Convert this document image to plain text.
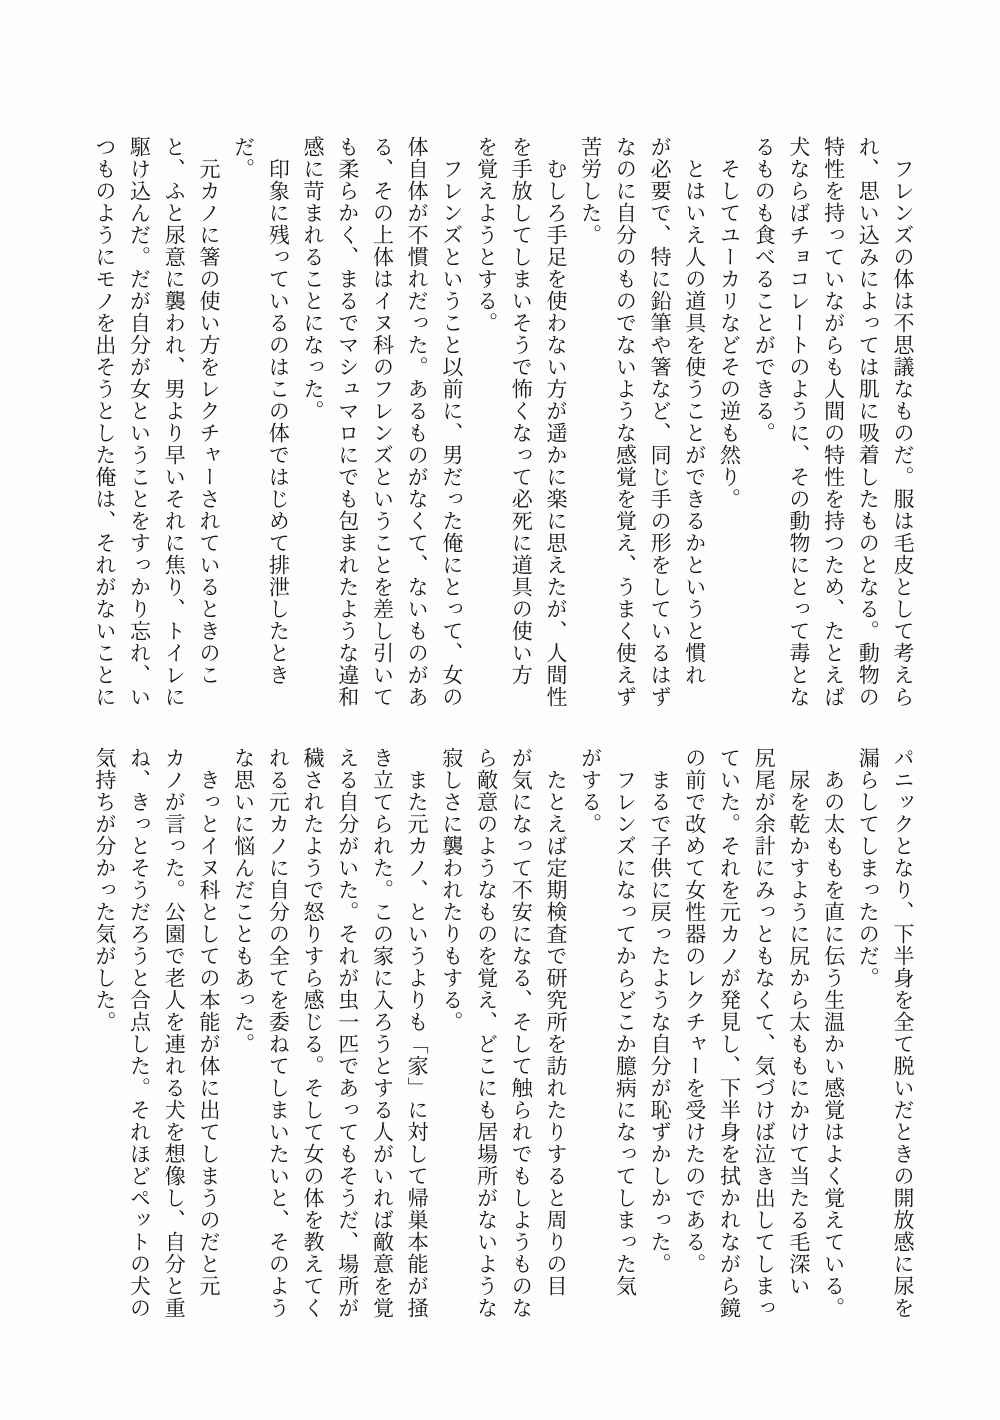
フレンズの体は不思議なものだ。服は毛皮として考えら
れ、思い込みによっては肌に吸着したものとなる。動物の
特性を持っていながらも人間の特性を持つため、たとえば
犬ならばチョコレートのように、その動物にとって毒とな
るものも食べることができる。
そしてユーカリなどその逆も然り。
とはいえ人の道具を使うことができるかというと慣れ
が必要で、特に鉛筆や箸など、同じ手の形をしているはず
なのに自分のものでないような感覚を覚え、うまく使えず
苦労した。
むしろ手足を使わない方が遥かに楽に思えたが、人間性
を手放してしまいそうで怖くなって必死に道具の使い方
を覚えようとする。
フレンズということ以前に、男だった俺にとって、女の
体自体が不慣れだった。あるものがなくて、ないものがあ
る、その上体はイヌ科のフレンズということを差し引いて
も柔らかく、まるでマシュマロにでも包まれたような違和
感に苛まれることになった。
印象に残っているのはこの体ではじめて排泄したとき
だ。
元カノに箸の使い方をレクチャーされているときのこ
と、ふと尿意に襲われ、男より早いそれに焦り、トイレに
駆け込んだ。だが自分が女ということをすっかり忘れ、い
つものようにモノを出そうとした俺は、それがないことに
パニックとなり、下半身を全て脱いだときの開放感に尿を
漏らしてしまったのだ。
あの太ももを直に伝う生温かい感覚はよく覚えている。
尿を乾かすように尻から太ももにかけて当たる毛深い
尻尾が余計にみっともなくて、気づけば泣き出してしまっ
ていた。それを元カノが発見し、下半身を拭かれながら鏡
の前で改めて女性器のレクチャーを受けたのである。
まるで子供に戻ったような自分が恥ずかしかった。
フレンズになってからどこか臆病になってしまった気
がする。
たとえば定期検査で研究所を訪れたりすると周りの目
が気になって不安になる、そして触られでもしようものな
ら敵意のようなものを覚え、どこにも居場所がないような
寂しさに襲われたりもする。
また元カノ、というよりも「家」に対して帰巣本能が掻
き立てられた。この家に入ろうとする人がいれば敵意を覚
える自分がいた。それが虫一匹であってもそうだ、場所が
穢されたようで怒りすら感じる。そして女の体を教えてく
れる元カノに自分の全てを委ねてしまいたいと、そのよう
な思いに悩んだこともあった。
きっとイヌ科としての本能が体に出てしまうのだと元
カノが言った。公園で老人を連れる犬を想像し、自分と重
ね、きっとそうだろうと合点した。それほどペットの犬の
気持ちが分かった気がした。
